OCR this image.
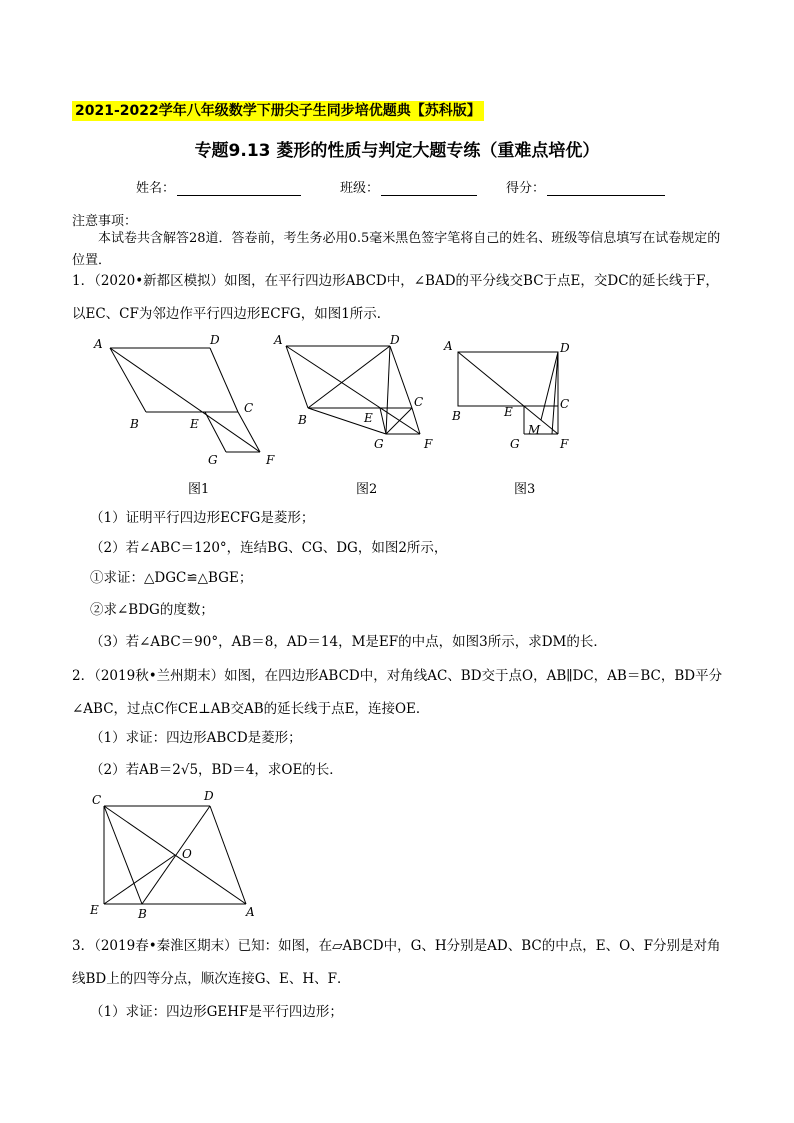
2021-2022学年八年级数学下册尖子生同步培优题典【苏科版】
专题9.13 菱形的性质与判定大题专练（重难点培优）
姓名：	班级：	得分：
注意事项：
本试卷共含解答28道．答卷前，考生务必用0.5毫米黑色签字笔将自己的姓名、班级等信息填写在试卷规定的位置．
1．（2020•新都区模拟）如图，在平行四边形ABCD中，∠BAD的平分线交BC于点E，交DC的延长线于F，以EC、CF为邻边作平行四边形ECFG，如图1所示．
A	D
B	E
C
G	F
图1
A	D
B	E
C
G	F
图2
A	D
B	E
C
M
G	F
图3
（1）证明平行四边形ECFG是菱形；
（2）若∠ABC＝120°，连结BG、CG、DG，如图2所示，
①求证：△DGC≌△BGE；
②求∠BDG的度数；
（3）若∠ABC＝90°，AB＝8，AD＝14，M是EF的中点，如图3所示，求DM的长．
2．（2019秋•兰州期末）如图，在四边形ABCD中，对角线AC、BD交于点O，AB∥DC，AB＝BC，BD平分∠ABC，过点C作CE⊥AB交AB的延长线于点E，连接OE．
（1）求证：四边形ABCD是菱形；
（2）若AB＝2√5，BD＝4，求OE的长．
C	D
O
E	B	A
3．（2019春•秦淮区期末）已知：如图，在▱ABCD中，G、H分别是AD、BC的中点，E、O、F分别是对角线BD上的四等分点，顺次连接G、E、H、F．
（1）求证：四边形GEHF是平行四边形；
